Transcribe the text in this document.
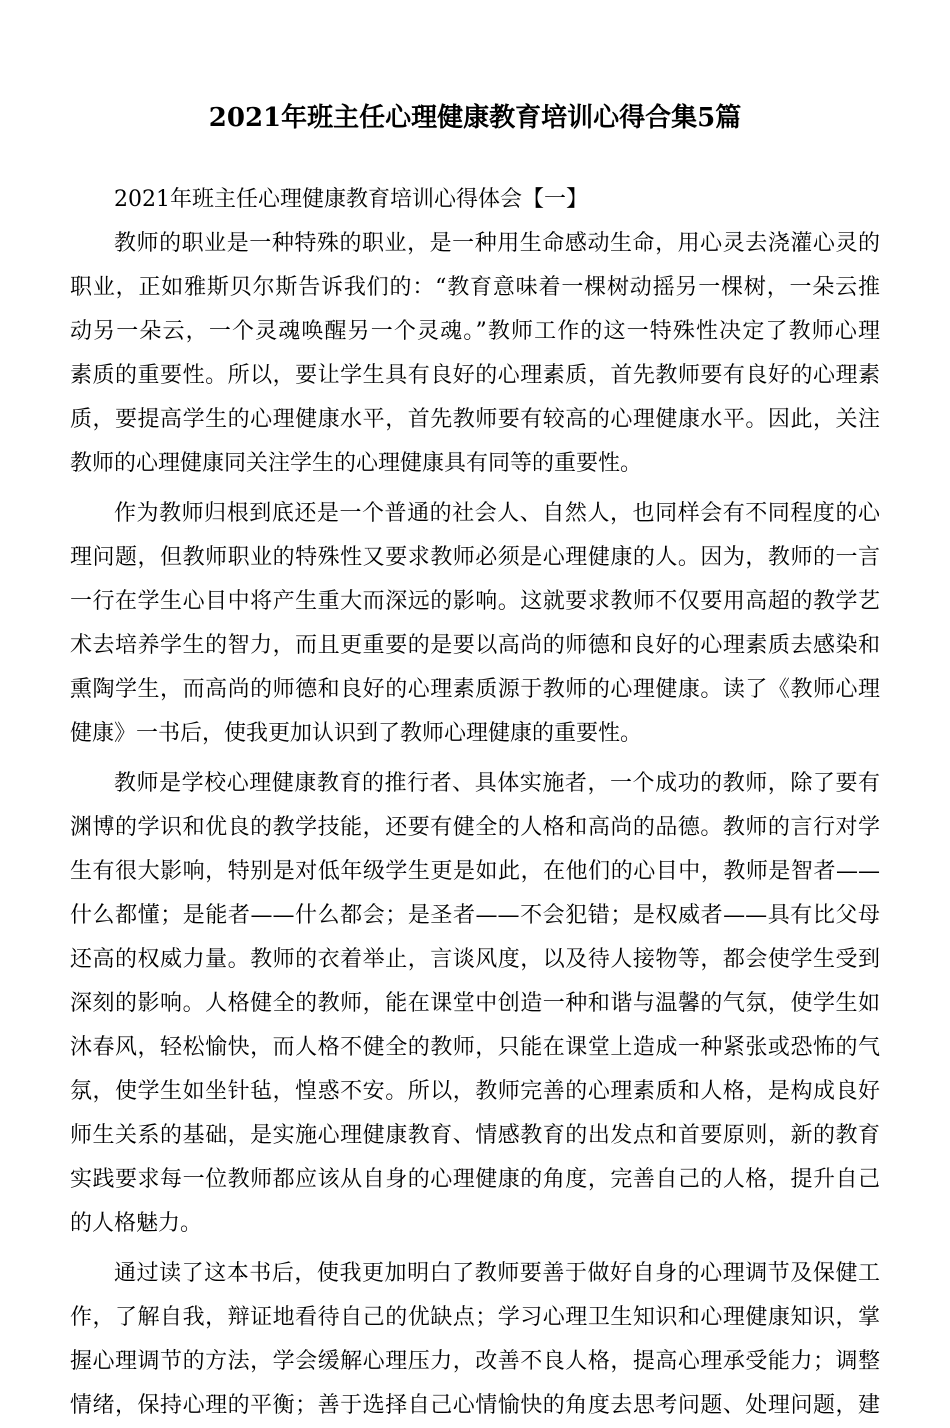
2021年班主任心理健康教育培训心得合集5篇
2021年班主任心理健康教育培训心得体会【一】
教师的职业是一种特殊的职业，是一种用生命感动生命，用心灵去浇灌心灵的
职业，正如雅斯贝尔斯告诉我们的：“教育意味着一棵树动摇另一棵树，一朵云推
动另一朵云，一个灵魂唤醒另一个灵魂。”教师工作的这一特殊性决定了教师心理
素质的重要性。所以，要让学生具有良好的心理素质，首先教师要有良好的心理素
质，要提高学生的心理健康水平，首先教师要有较高的心理健康水平。因此，关注
教师的心理健康同关注学生的心理健康具有同等的重要性。
作为教师归根到底还是一个普通的社会人、自然人，也同样会有不同程度的心
理问题，但教师职业的特殊性又要求教师必须是心理健康的人。因为，教师的一言
一行在学生心目中将产生重大而深远的影响。这就要求教师不仅要用高超的教学艺
术去培养学生的智力，而且更重要的是要以高尚的师德和良好的心理素质去感染和
熏陶学生，而高尚的师德和良好的心理素质源于教师的心理健康。读了《教师心理
健康》一书后，使我更加认识到了教师心理健康的重要性。
教师是学校心理健康教育的推行者、具体实施者，一个成功的教师，除了要有
渊博的学识和优良的教学技能，还要有健全的人格和高尚的品德。教师的言行对学
生有很大影响，特别是对低年级学生更是如此，在他们的心目中，教师是智者——
什么都懂；是能者——什么都会；是圣者——不会犯错；是权威者——具有比父母
还高的权威力量。教师的衣着举止，言谈风度，以及待人接物等，都会使学生受到
深刻的影响。人格健全的教师，能在课堂中创造一种和谐与温馨的气氛，使学生如
沐春风，轻松愉快，而人格不健全的教师，只能在课堂上造成一种紧张或恐怖的气
氛，使学生如坐针毡，惶惑不安。所以，教师完善的心理素质和人格，是构成良好
师生关系的基础，是实施心理健康教育、情感教育的出发点和首要原则，新的教育
实践要求每一位教师都应该从自身的心理健康的角度，完善自己的人格，提升自己
的人格魅力。
通过读了这本书后，使我更加明白了教师要善于做好自身的心理调节及保健工
作，了解自我，辩证地看待自己的优缺点；学习心理卫生知识和心理健康知识，掌
握心理调节的方法，学会缓解心理压力，改善不良人格，提高心理承受能力；调整
情绪，保持心理的平衡；善于选择自己心情愉快的角度去思考问题、处理问题，建
